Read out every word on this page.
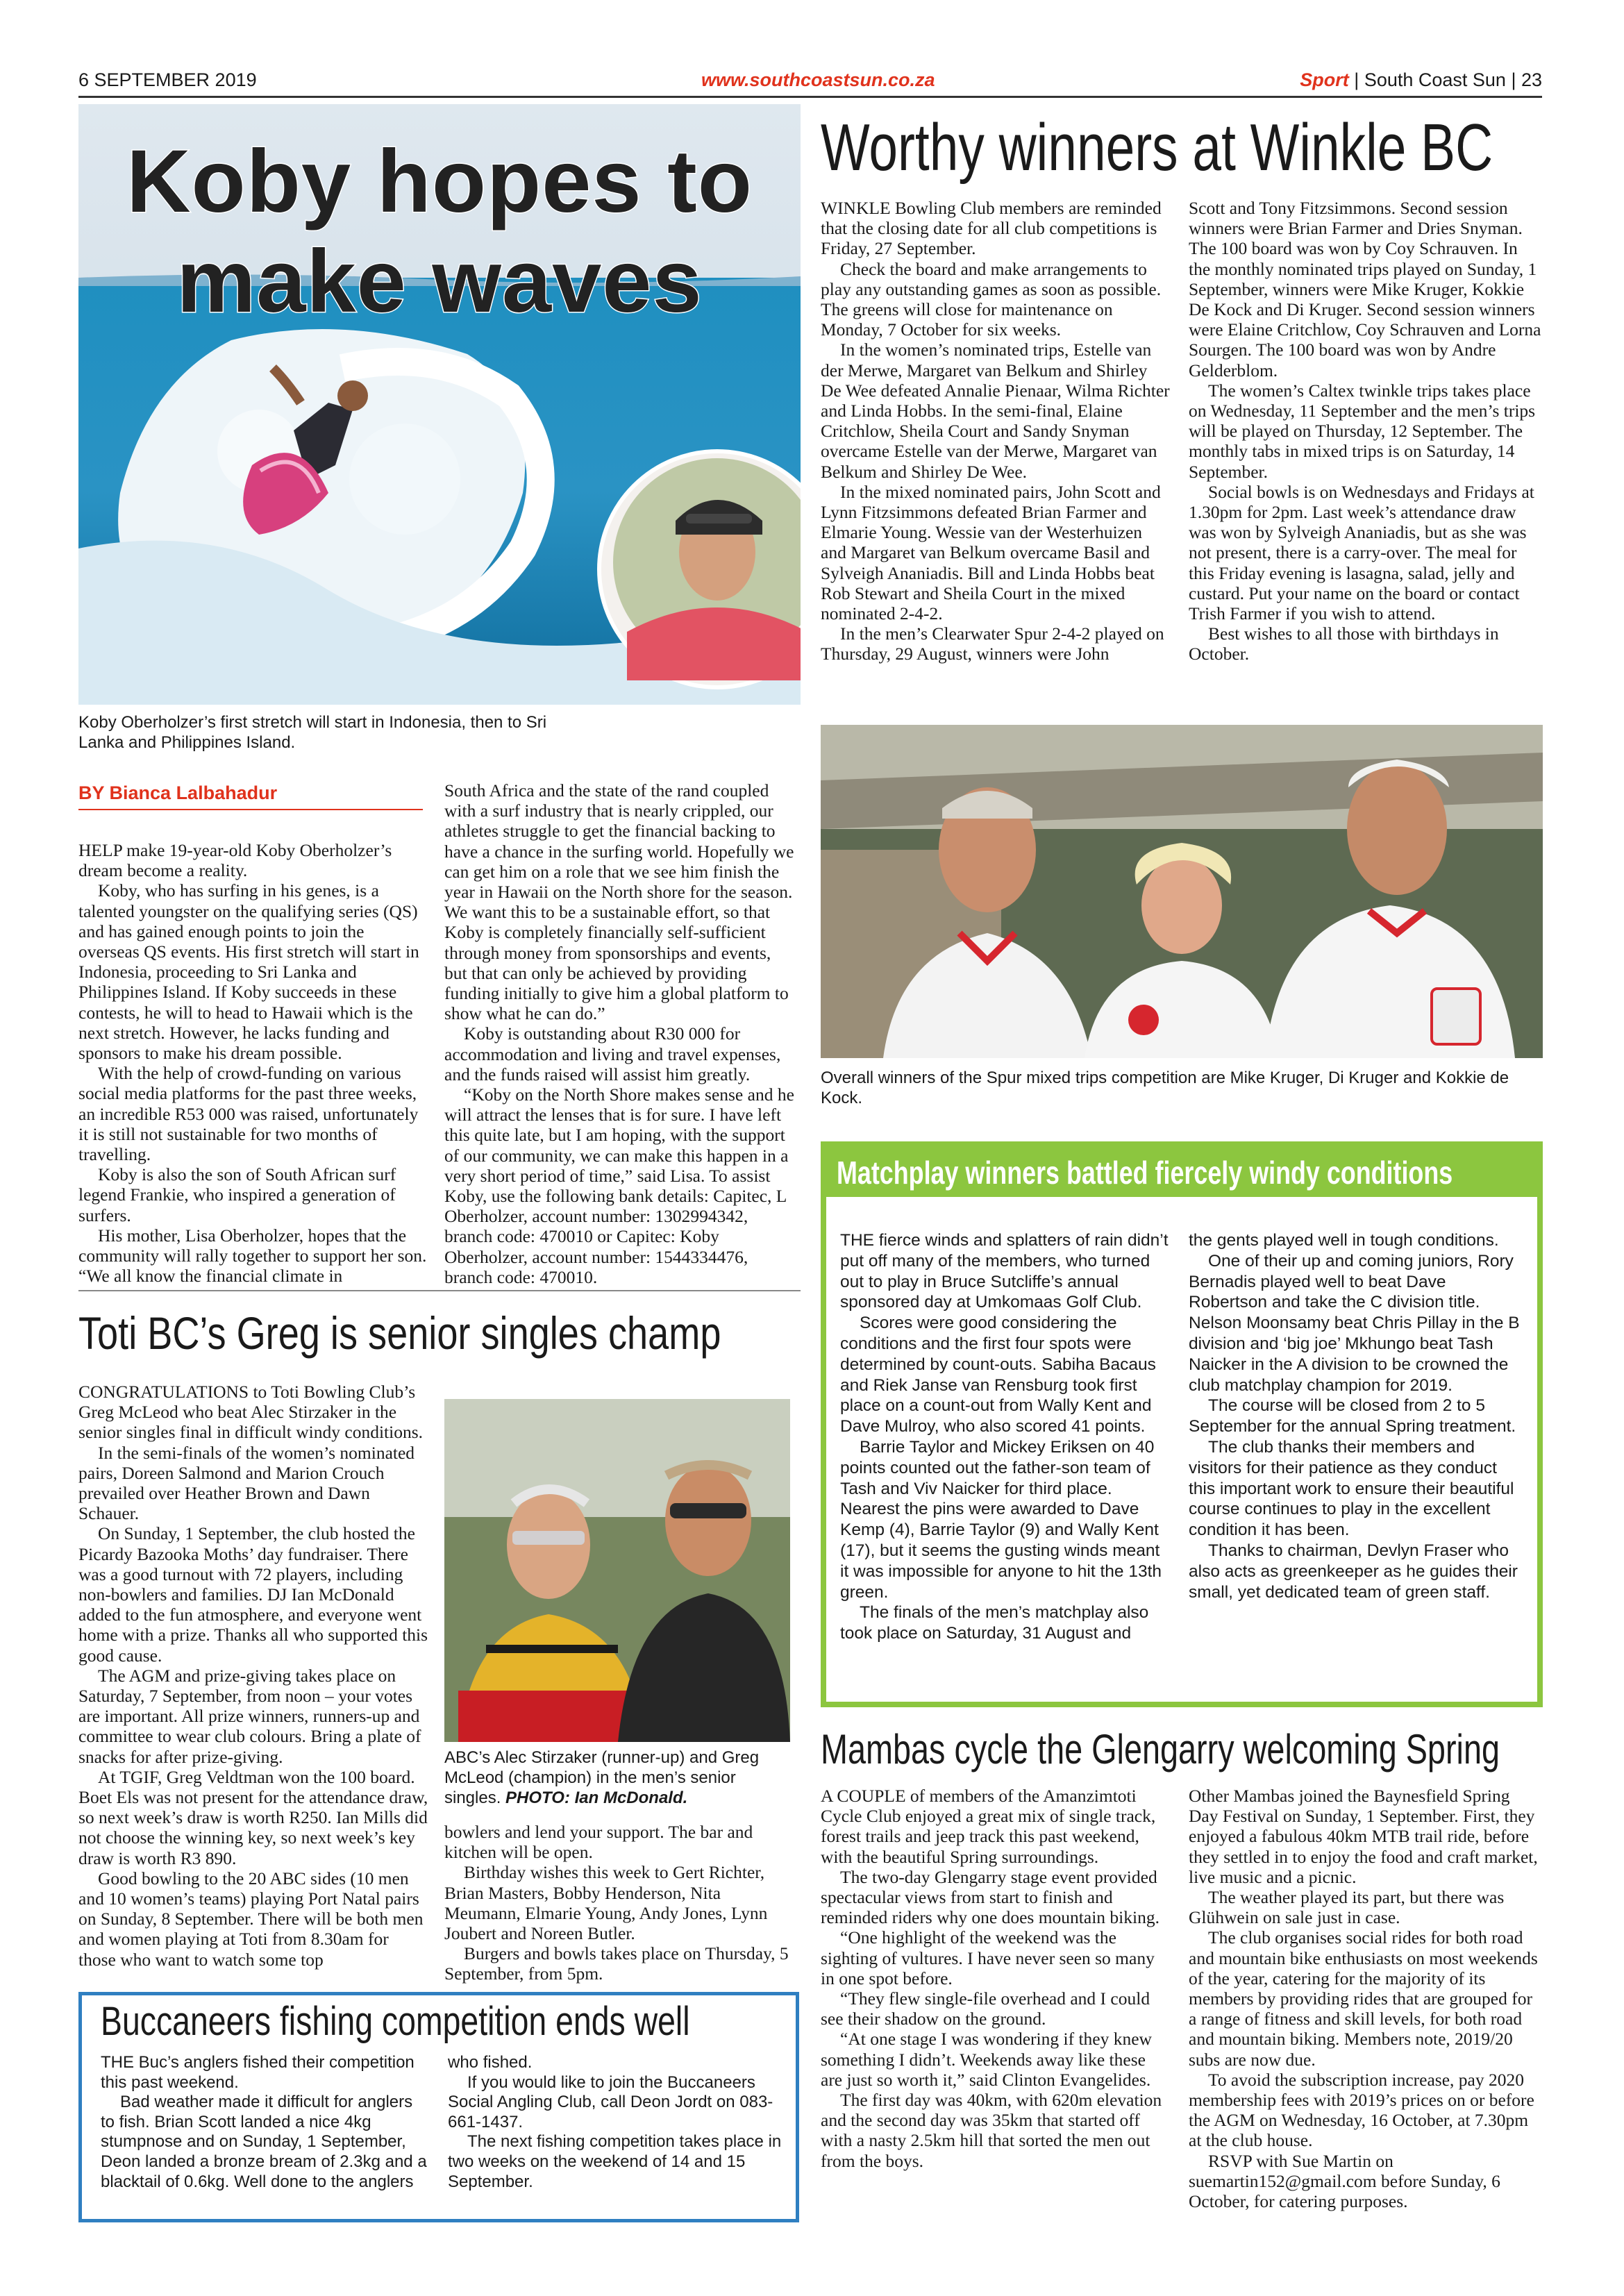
6 SEPTEMBER 2019	www.southcoastsun.co.za	Sport | South Coast Sun | 23
Koby hopes to
make waves
Koby Oberholzer’s first stretch will start in Indonesia, then to Sri Lanka and Philippines Island.
BY Bianca Lalbahadur

HELP make 19-year-old Koby Oberholzer’s dream become a reality.

Koby, who has surfing in his genes, is a talented youngster on the qualifying series (QS) and has gained enough points to join the overseas QS events. His first stretch will start in Indonesia, proceeding to Sri Lanka and Philippines Island. If Koby succeeds in these contests, he will to head to Hawaii which is the next stretch. However, he lacks funding and sponsors to make his dream possible.

With the help of crowd-funding on various social media platforms for the past three weeks, an incredible R53 000 was raised, unfortunately it is still not sustainable for two months of travelling.

Koby is also the son of South African surf legend Frankie, who inspired a generation of surfers.

His mother, Lisa Oberholzer, hopes that the community will rally together to support her son. “We all know the financial climate in

South Africa and the state of the rand coupled with a surf industry that is nearly crippled, our athletes struggle to get the financial backing to have a chance in the surfing world. Hopefully we can get him on a role that we see him finish the year in Hawaii on the North shore for the season. We want this to be a sustainable effort, so that Koby is completely financially self-sufficient through money from sponsorships and events, but that can only be achieved by providing funding initially to give him a global platform to show what he can do.”

Koby is outstanding about R30 000 for accommodation and living and travel expenses, and the funds raised will assist him greatly.

“Koby on the North Shore makes sense and he will attract the lenses that is for sure. I have left this quite late, but I am hoping, with the support of our community, we can make this happen in a very short period of time,” said Lisa. To assist Koby, use the following bank details: Capitec, L Oberholzer, account number: 1302994342, branch code: 470010 or Capitec: Koby Oberholzer, account number: 1544334476, branch code: 470010.

Worthy winners at Winkle BC

WINKLE Bowling Club members are reminded that the closing date for all club competitions is Friday, 27 September.

Check the board and make arrangements to play any outstanding games as soon as possible. The greens will close for maintenance on Monday, 7 October for six weeks.

In the women’s nominated trips, Estelle van der Merwe, Margaret van Belkum and Shirley De Wee defeated Annalie Pienaar, Wilma Richter and Linda Hobbs. In the semi-final, Elaine Critchlow, Sheila Court and Sandy Snyman overcame Estelle van der Merwe, Margaret van Belkum and Shirley De Wee.

In the mixed nominated pairs, John Scott and Lynn Fitzsimmons defeated Brian Farmer and Elmarie Young. Wessie van der Westerhuizen and Margaret van Belkum overcame Basil and Sylveigh Ananiadis. Bill and Linda Hobbs beat Rob Stewart and Sheila Court in the mixed nominated 2-4-2.

In the men’s Clearwater Spur 2-4-2 played on Thursday, 29 August, winners were John

Scott and Tony Fitzsimmons. Second session winners were Brian Farmer and Dries Snyman. The 100 board was won by Coy Schrauven. In the monthly nominated trips played on Sunday, 1 September, winners were Mike Kruger, Kokkie De Kock and Di Kruger. Second session winners were Elaine Critchlow, Coy Schrauven and Lorna Sourgen. The 100 board was won by Andre Gelderblom.

The women’s Caltex twinkle trips takes place on Wednesday, 11 September and the men’s trips will be played on Thursday, 12 September. The monthly tabs in mixed trips is on Saturday, 14 September.

Social bowls is on Wednesdays and Fridays at 1.30pm for 2pm. Last week’s attendance draw was won by Sylveigh Ananiadis, but as she was not present, there is a carry-over. The meal for this Friday evening is lasagna, salad, jelly and custard. Put your name on the board or contact Trish Farmer if you wish to attend.

Best wishes to all those with birthdays in October.

Overall winners of the Spur mixed trips competition are Mike Kruger, Di Kruger and Kokkie de Kock.
Matchplay winners battled fiercely windy conditions

THE fierce winds and splatters of rain didn’t put off many of the members, who turned out to play in Bruce Sutcliffe’s annual sponsored day at Umkomaas Golf Club.

Scores were good considering the conditions and the first four spots were determined by count-outs. Sabiha Bacaus and Riek Janse van Rensburg took first place on a count-out from Wally Kent and Dave Mulroy, who also scored 41 points.

Barrie Taylor and Mickey Eriksen on 40 points counted out the father-son team of Tash and Viv Naicker for third place. Nearest the pins were awarded to Dave Kemp (4), Barrie Taylor (9) and Wally Kent (17), but it seems the gusting winds meant it was impossible for anyone to hit the 13th green.

The finals of the men’s matchplay also took place on Saturday, 31 August and

the gents played well in tough conditions.

One of their up and coming juniors, Rory Bernadis played well to beat Dave Robertson and take the C division title. Nelson Moonsamy beat Chris Pillay in the B division and ‘big joe’ Mkhungo beat Tash Naicker in the A division to be crowned the club matchplay champion for 2019.

The course will be closed from 2 to 5 September for the annual Spring treatment.

The club thanks their members and visitors for their patience as they conduct this important work to ensure their beautiful course continues to play in the excellent condition it has been.

Thanks to chairman, Devlyn Fraser who also acts as greenkeeper as he guides their small, yet dedicated team of green staff.

Toti BC’s Greg is senior singles champ

CONGRATULATIONS to Toti Bowling Club’s Greg McLeod who beat Alec Stirzaker in the senior singles final in difficult windy conditions.

In the semi-finals of the women’s nominated pairs, Doreen Salmond and Marion Crouch prevailed over Heather Brown and Dawn Schauer.

On Sunday, 1 September, the club hosted the Picardy Bazooka Moths’ day fundraiser. There was a good turnout with 72 players, including non-bowlers and families. DJ Ian McDonald added to the fun atmosphere, and everyone went home with a prize. Thanks all who supported this good cause.

The AGM and prize-giving takes place on Saturday, 7 September, from noon – your votes are important. All prize winners, runners-up and committee to wear club colours. Bring a plate of snacks for after prize-giving.

At TGIF, Greg Veldtman won the 100 board. Boet Els was not present for the attendance draw, so next week’s draw is worth R250. Ian Mills did not choose the winning key, so next week’s key draw is worth R3 890.

Good bowling to the 20 ABC sides (10 men and 10 women’s teams) playing Port Natal pairs on Sunday, 8 September. There will be both men and women playing at Toti from 8.30am for those who want to watch some top

ABC’s Alec Stirzaker (runner-up) and Greg McLeod (champion) in the men’s senior singles. PHOTO: Ian McDonald.

bowlers and lend your support. The bar and kitchen will be open.

Birthday wishes this week to Gert Richter, Brian Masters, Bobby Henderson, Nita Meumann, Elmarie Young, Andy Jones, Lynn Joubert and Noreen Butler.

Burgers and bowls takes place on Thursday, 5 September, from 5pm.

Mambas cycle the Glengarry welcoming Spring

A COUPLE of members of the Amanzimtoti Cycle Club enjoyed a great mix of single track, forest trails and jeep track this past weekend, with the beautiful Spring surroundings.

The two-day Glengarry stage event provided spectacular views from start to finish and reminded riders why one does mountain biking.

“One highlight of the weekend was the sighting of vultures. I have never seen so many in one spot before.

“They flew single-file overhead and I could see their shadow on the ground.

“At one stage I was wondering if they knew something I didn’t. Weekends away like these are just so worth it,” said Clinton Evangelides.

The first day was 40km, with 620m elevation and the second day was 35km that started off with a nasty 2.5km hill that sorted the men out from the boys.

Other Mambas joined the Baynesfield Spring Day Festival on Sunday, 1 September. First, they enjoyed a fabulous 40km MTB trail ride, before they settled in to enjoy the food and craft market, live music and a picnic.

The weather played its part, but there was Glühwein on sale just in case.

The club organises social rides for both road and mountain bike enthusiasts on most weekends of the year, catering for the majority of its members by providing rides that are grouped for a range of fitness and skill levels, for both road and mountain biking. Members note, 2019/20 subs are now due.

To avoid the subscription increase, pay 2020 membership fees with 2019’s prices on or before the AGM on Wednesday, 16 October, at 7.30pm at the club house.

RSVP with Sue Martin on suemartin152@gmail.com before Sunday, 6 October, for catering purposes.

Buccaneers fishing competition ends well

THE Buc’s anglers fished their competition this past weekend.

Bad weather made it difficult for anglers to fish. Brian Scott landed a nice 4kg stumpnose and on Sunday, 1 September, Deon landed a bronze bream of 2.3kg and a blacktail of 0.6kg. Well done to the anglers

who fished.

If you would like to join the Buccaneers Social Angling Club, call Deon Jordt on 083-661-1437.

The next fishing competition takes place in two weeks on the weekend of 14 and 15 September.
